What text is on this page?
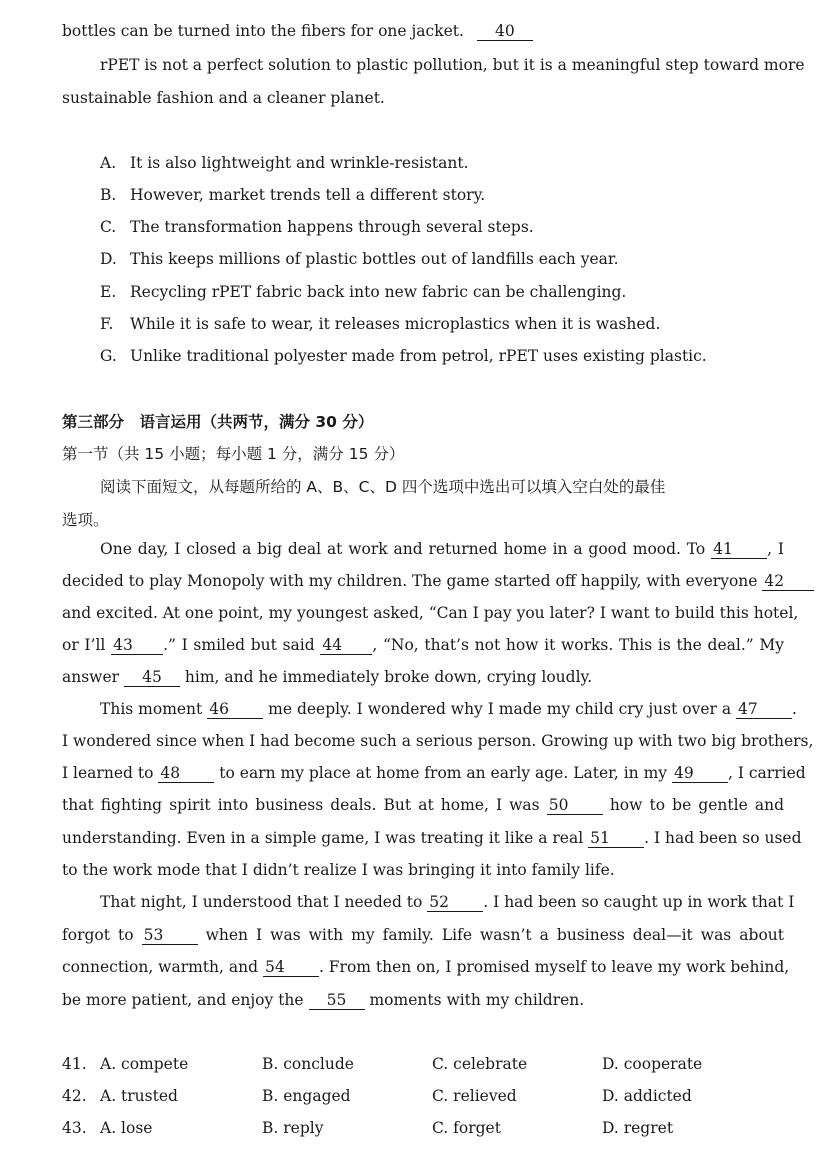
bottles can be turned into the fibers for one jacket. 40
rPET is not a perfect solution to plastic pollution, but it is a meaningful step toward more
sustainable fashion and a cleaner planet.
A. It is also lightweight and wrinkle-resistant.
B. However, market trends tell a different story.
C. The transformation happens through several steps.
D. This keeps millions of plastic bottles out of landfills each year.
E. Recycling rPET fabric back into new fabric can be challenging.
F. While it is safe to wear, it releases microplastics when it is washed.
G. Unlike traditional polyester made from petrol, rPET uses existing plastic.
第三部分　语言运用（共两节，满分 30 分）
第一节（共 15 小题；每小题 1 分，满分 15 分）
阅读下面短文，从每题所给的 A、B、C、D 四个选项中选出可以填入空白处的最佳
选项。
One day, I closed a big deal at work and returned home in a good mood. To 41 , I
decided to play Monopoly with my children. The game started off happily, with everyone 42
and excited. At one point, my youngest asked, “Can I pay you later? I want to build this hotel,
or I’ll 43 .” I smiled but said 44 , “No, that’s not how it works. This is the deal.” My
answer 45 him, and he immediately broke down, crying loudly.
This moment 46	me deeply. I wondered why I made my child cry just over a 47 .
I wondered since when I had become such a serious person. Growing up with two big brothers,
I learned to 48	to earn my place at home from an early age. Later, in my 49 , I carried
that fighting spirit into business deals. But at home, I was 50	how to be gentle and
understanding. Even in a simple game, I was treating it like a real 51 . I had been so used
to the work mode that I didn’t realize I was bringing it into family life.
That night, I understood that I needed to 52 . I had been so caught up in work that I
forgot to 53	when I was with my family. Life wasn’t a business deal—it was about
connection, warmth, and 54 . From then on, I promised myself to leave my work behind,
be more patient, and enjoy the 55 moments with my children.
41. A. compete	B. conclude	C. celebrate	D. cooperate
42. A. trusted	B. engaged	C. relieved	D. addicted
43. A. lose	B. reply	C. forget	D. regret
